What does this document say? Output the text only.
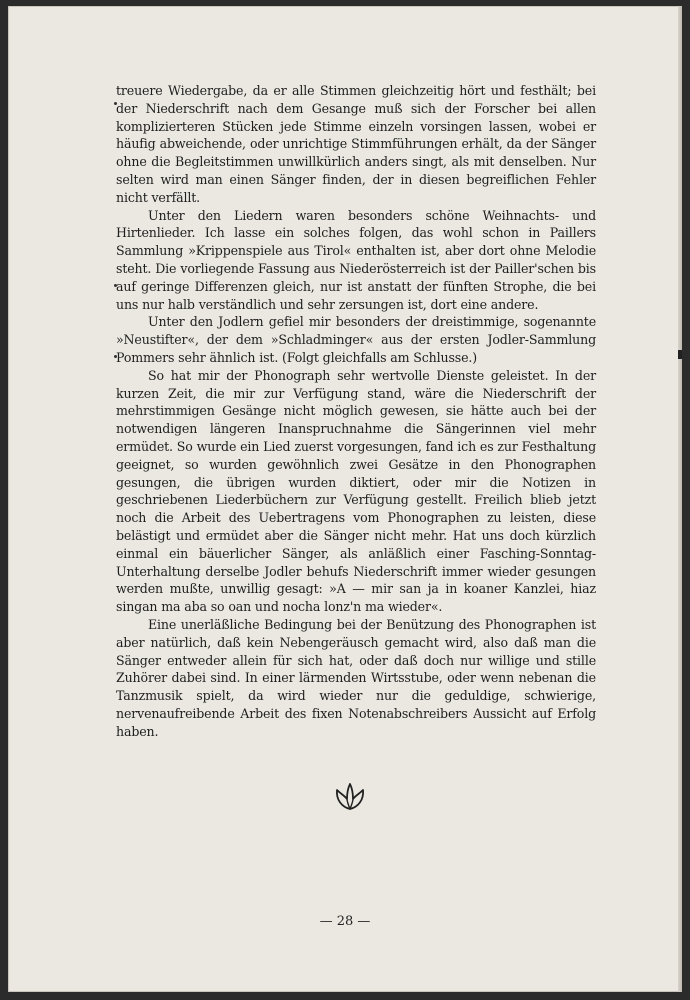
treuere Wiedergabe, da er alle Stimmen gleichzeitig hört und festhält; bei der Niederschrift nach dem Gesange muß sich der Forscher bei allen komplizierteren Stücken jede Stimme einzeln vorsingen lassen, wobei er häufig abweichende, oder unrichtige Stimmführungen erhält, da der Sänger ohne die Begleitstimmen unwillkürlich anders singt, als mit denselben. Nur selten wird man einen Sänger finden, der in diesen begreiflichen Fehler nicht verfällt.

Unter den Liedern waren besonders schöne Weihnachts- und Hirtenlieder. Ich lasse ein solches folgen, das wohl schon in Paillers Sammlung »Krippenspiele aus Tirol« enthalten ist, aber dort ohne Melodie steht. Die vorliegende Fassung aus Niederösterreich ist der Pailler'schen bis auf geringe Differenzen gleich, nur ist anstatt der fünften Strophe, die bei uns nur halb verständlich und sehr zersungen ist, dort eine andere.

Unter den Jodlern gefiel mir besonders der dreistimmige, sogenannte »Neustifter«, der dem »Schladminger« aus der ersten Jodler-Sammlung Pommers sehr ähnlich ist. (Folgt gleichfalls am Schlusse.)

So hat mir der Phonograph sehr wertvolle Dienste geleistet. In der kurzen Zeit, die mir zur Verfügung stand, wäre die Niederschrift der mehrstimmigen Gesänge nicht möglich gewesen, sie hätte auch bei der notwendigen längeren Inanspruchnahme die Sängerinnen viel mehr ermüdet. So wurde ein Lied zuerst vorgesungen, fand ich es zur Festhaltung geeignet, so wurden gewöhnlich zwei Gesätze in den Phonographen gesungen, die übrigen wurden diktiert, oder mir die Notizen in geschriebenen Liederbüchern zur Verfügung gestellt. Freilich blieb jetzt noch die Arbeit des Uebertragens vom Phonographen zu leisten, diese belästigt und ermüdet aber die Sänger nicht mehr. Hat uns doch kürzlich einmal ein bäuerlicher Sänger, als anläßlich einer Fasching-Sonntag-Unterhaltung derselbe Jodler behufs Niederschrift immer wieder gesungen werden mußte, unwillig gesagt: »A — mir san ja in koaner Kanzlei, hiaz singan ma aba so oan und nocha lonz'n ma wieder«.

Eine unerläßliche Bedingung bei der Benützung des Phonographen ist aber natürlich, daß kein Nebengeräusch gemacht wird, also daß man die Sänger entweder allein für sich hat, oder daß doch nur willige und stille Zuhörer dabei sind. In einer lärmenden Wirtsstube, oder wenn nebenan die Tanzmusik spielt, da wird wieder nur die geduldige, schwierige, nervenaufreibende Arbeit des fixen Notenabschreibers Aussicht auf Erfolg haben.

— 28 —
